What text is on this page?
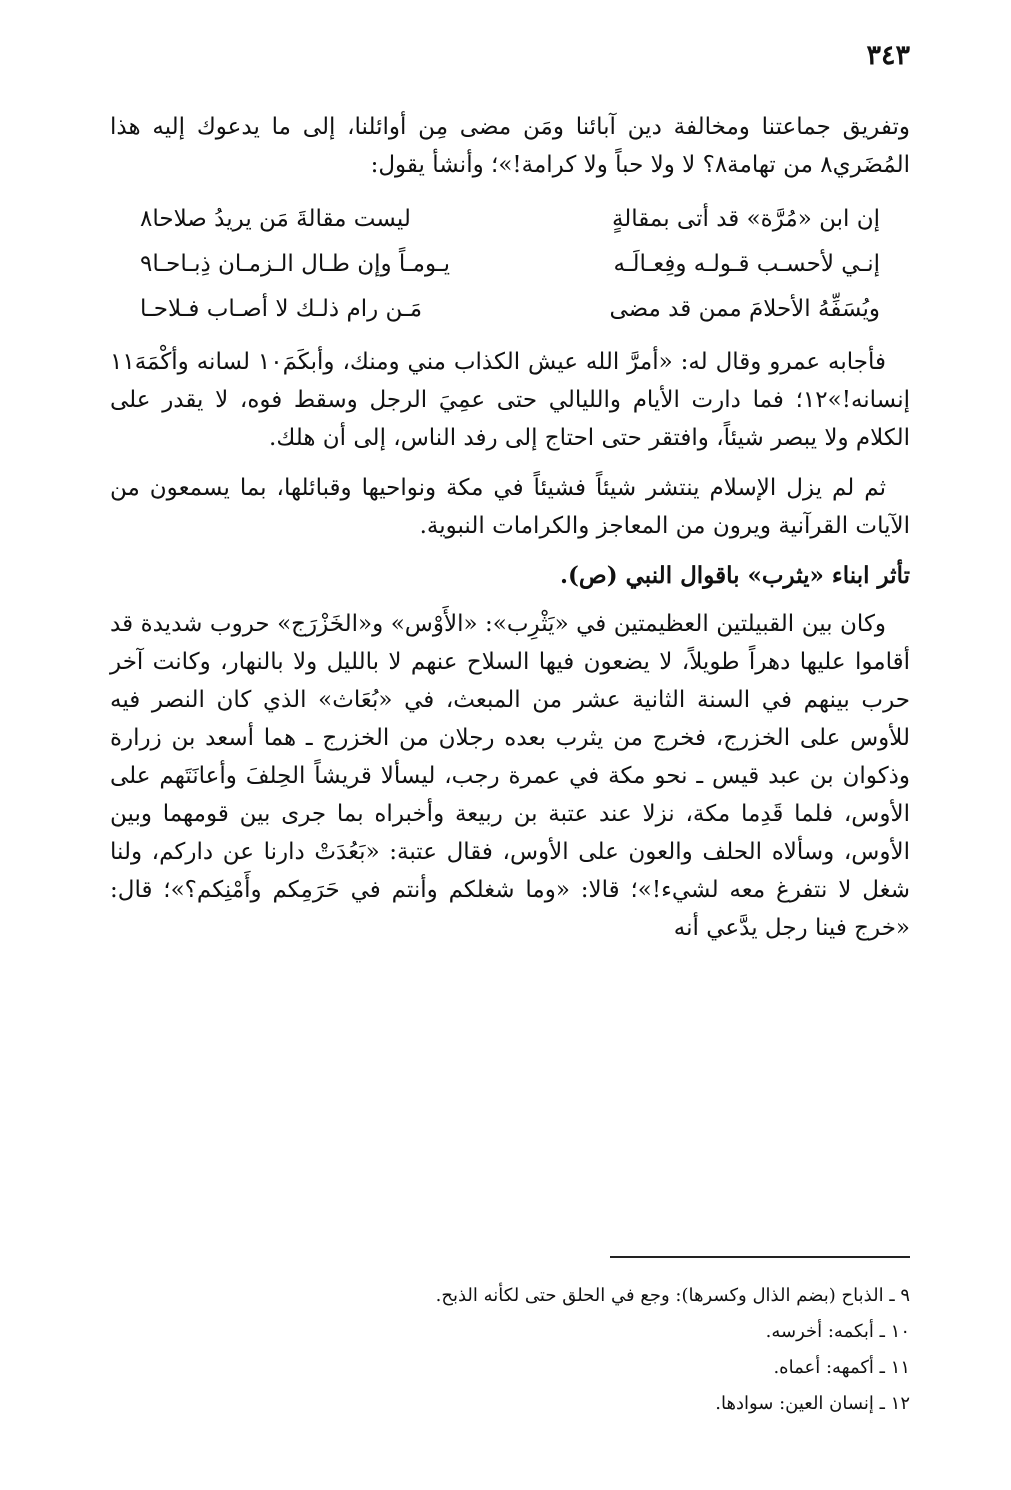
٣٤٣

وتفريق جماعتنا ومخالفة دين آبائنا ومَن مضى مِن أوائلنا، إلى ما يدعوك إليه هذا المُضَري٨ من تهامة٨؟ لا ولا حباً ولا كرامة!»؛ وأنشأ يقول:

إن ابن «مُرَّة» قد أتى بمقالةٍ
ليست مقالةَ مَن يريدُ صلاحا٨
إنـي لأحسـب قـولـه وفِعـالَـه
يـومـاً وإن طـال الـزمـان ذِبـاحـا٩
ويُسَفِّهُ الأحلامَ ممن قد مضى
مَـن رام ذلـك لا أصـاب فـلاحـا

فأجابه عمرو وقال له: «أمرَّ الله عيش الكذاب مني ومنك، وأبكَمَ١٠ لسانه وأكْمَهَ١١ إنسانه!»١٢؛ فما دارت الأيام والليالي حتى عمِيَ الرجل وسقط فوه، لا يقدر على الكلام ولا يبصر شيئاً، وافتقر حتى احتاج إلى رفد الناس، إلى أن هلك.

ثم لم يزل الإسلام ينتشر شيئاً فشيئاً في مكة ونواحيها وقبائلها، بما يسمعون من الآيات القرآنية ويرون من المعاجز والكرامات النبوية.

تأثر ابناء «يثرب» باقوال النبي (ص).

وكان بين القبيلتين العظيمتين في «يَثْرِب»: «الأَوْس» و«الخَزْرَج» حروب شديدة قد أقاموا عليها دهراً طويلاً، لا يضعون فيها السلاح عنهم لا بالليل ولا بالنهار، وكانت آخر حرب بينهم في السنة الثانية عشر من المبعث، في «بُعَاث» الذي كان النصر فيه للأوس على الخزرج، فخرج من يثرب بعده رجلان من الخزرج ـ هما أسعد بن زرارة وذكوان بن عبد قيس ـ نحو مكة في عمرة رجب، ليسألا قريشاً الحِلفَ وأعانَتَهم على الأوس، فلما قَدِما مكة، نزلا عند عتبة بن ربيعة وأخبراه بما جرى بين قومهما وبين الأوس، وسألاه الحلف والعون على الأوس، فقال عتبة: «بَعُدَتْ دارنا عن داركم، ولنا شغل لا نتفرغ معه لشيء!»؛ قالا: «وما شغلكم وأنتم في حَرَمِكم وأَمْنِكم؟»؛ قال: «خرج فينا رجل يدَّعي أنه

٩ ـ الذباح (بضم الذال وكسرها): وجع في الحلق حتى لكأنه الذبح.

١٠ ـ أبكمه: أخرسه.

١١ ـ أكمهه: أعماه.

١٢ ـ إنسان العين: سوادها.
